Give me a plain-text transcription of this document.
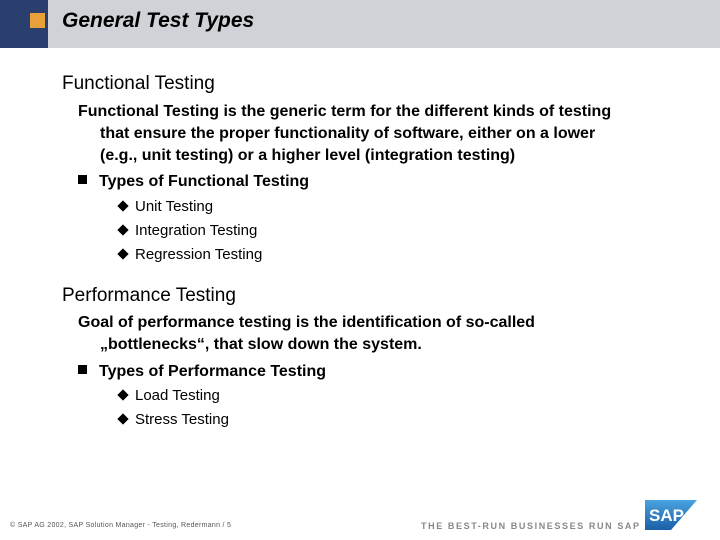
General Test Types
Functional Testing
Functional Testing is the generic term for the different kinds of testing
that ensure the proper functionality of software, either on a lower
(e.g., unit testing) or a higher level (integration testing)
Types of Functional Testing
Unit Testing
Integration Testing
Regression Testing
Performance Testing
Goal of performance testing is the identification of so-called
„bottlenecks“, that slow down the system.
Types of Performance Testing
Load Testing
Stress Testing
© SAP AG 2002, SAP Solution Manager - Testing, Redermann / 5	THE BEST-RUN BUSINESSES RUN SAP
SAP
